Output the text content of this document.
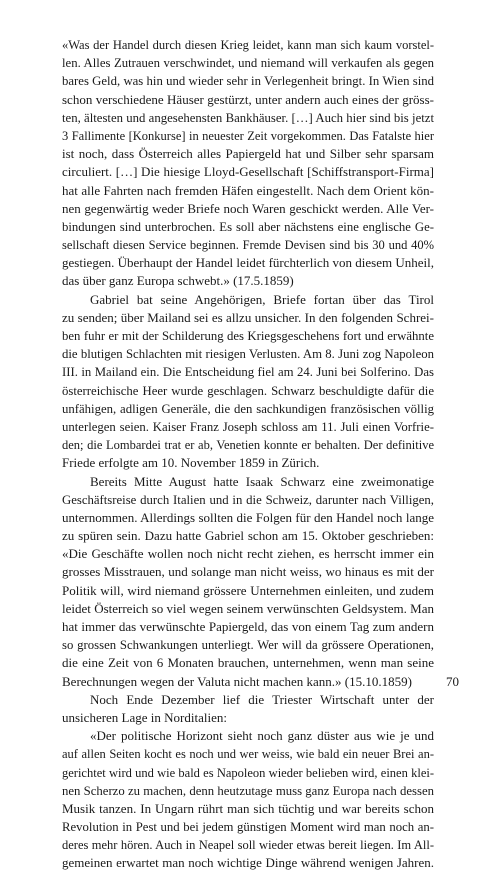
«Was der Handel durch diesen Krieg leidet, kann man sich kaum vorstel-
len. Alles Zutrauen verschwindet, und niemand will verkaufen als gegen
bares Geld, was hin und wieder sehr in Verlegenheit bringt. In Wien sind
schon verschiedene Häuser gestürzt, unter andern auch eines der gröss-
ten, ältesten und angesehensten Bankhäuser. […] Auch hier sind bis jetzt
3 Fallimente [Konkurse] in neuester Zeit vorgekommen. Das Fatalste hier
ist noch, dass Österreich alles Papiergeld hat und Silber sehr sparsam
circuliert. […] Die hiesige Lloyd-Gesellschaft [Schiffstransport-Firma]
hat alle Fahrten nach fremden Häfen eingestellt. Nach dem Orient kön-
nen gegenwärtig weder Briefe noch Waren geschickt werden. Alle Ver-
bindungen sind unterbrochen. Es soll aber nächstens eine englische Ge-
sellschaft diesen Service beginnen. Fremde Devisen sind bis 30 und 40%
gestiegen. Überhaupt der Handel leidet fürchterlich von diesem Unheil,
das über ganz Europa schwebt.» (17.5.1859)
Gabriel bat seine Angehörigen, Briefe fortan über das Tirol
zu senden; über Mailand sei es allzu unsicher. In den folgenden Schrei-
ben fuhr er mit der Schilderung des Kriegsgeschehens fort und erwähnte
die blutigen Schlachten mit riesigen Verlusten. Am 8. Juni zog Napoleon
III. in Mailand ein. Die Entscheidung fiel am 24. Juni bei Solferino. Das
österreichische Heer wurde geschlagen. Schwarz beschuldigte dafür die
unfähigen, adligen Generäle, die den sachkundigen französischen völlig
unterlegen seien. Kaiser Franz Joseph schloss am 11. Juli einen Vorfrie-
den; die Lombardei trat er ab, Venetien konnte er behalten. Der definitive
Friede erfolgte am 10. November 1859 in Zürich.
Bereits Mitte August hatte Isaak Schwarz eine zweimonatige
Geschäftsreise durch Italien und in die Schweiz, darunter nach Villigen,
unternommen. Allerdings sollten die Folgen für den Handel noch lange
zu spüren sein. Dazu hatte Gabriel schon am 15. Oktober geschrieben:
«Die Geschäfte wollen noch nicht recht ziehen, es herrscht immer ein
grosses Misstrauen, und solange man nicht weiss, wo hinaus es mit der
Politik will, wird niemand grössere Unternehmen einleiten, und zudem
leidet Österreich so viel wegen seinem verwünschten Geldsystem. Man
hat immer das verwünschte Papiergeld, das von einem Tag zum andern
so grossen Schwankungen unterliegt. Wer will da grössere Operationen,
die eine Zeit von 6 Monaten brauchen, unternehmen, wenn man seine
Berechnungen wegen der Valuta nicht machen kann.» (15.10.1859)
Noch Ende Dezember lief die Triester Wirtschaft unter der
unsicheren Lage in Norditalien:
«Der politische Horizont sieht noch ganz düster aus wie je und
auf allen Seiten kocht es noch und wer weiss, wie bald ein neuer Brei an-
gerichtet wird und wie bald es Napoleon wieder belieben wird, einen klei-
nen Scherzo zu machen, denn heutzutage muss ganz Europa nach dessen
Musik tanzen. In Ungarn rührt man sich tüchtig und war bereits schon
Revolution in Pest und bei jedem günstigen Moment wird man noch an-
deres mehr hören. Auch in Neapel soll wieder etwas bereit liegen. Im All-
gemeinen erwartet man noch wichtige Dinge während wenigen Jahren.
70
